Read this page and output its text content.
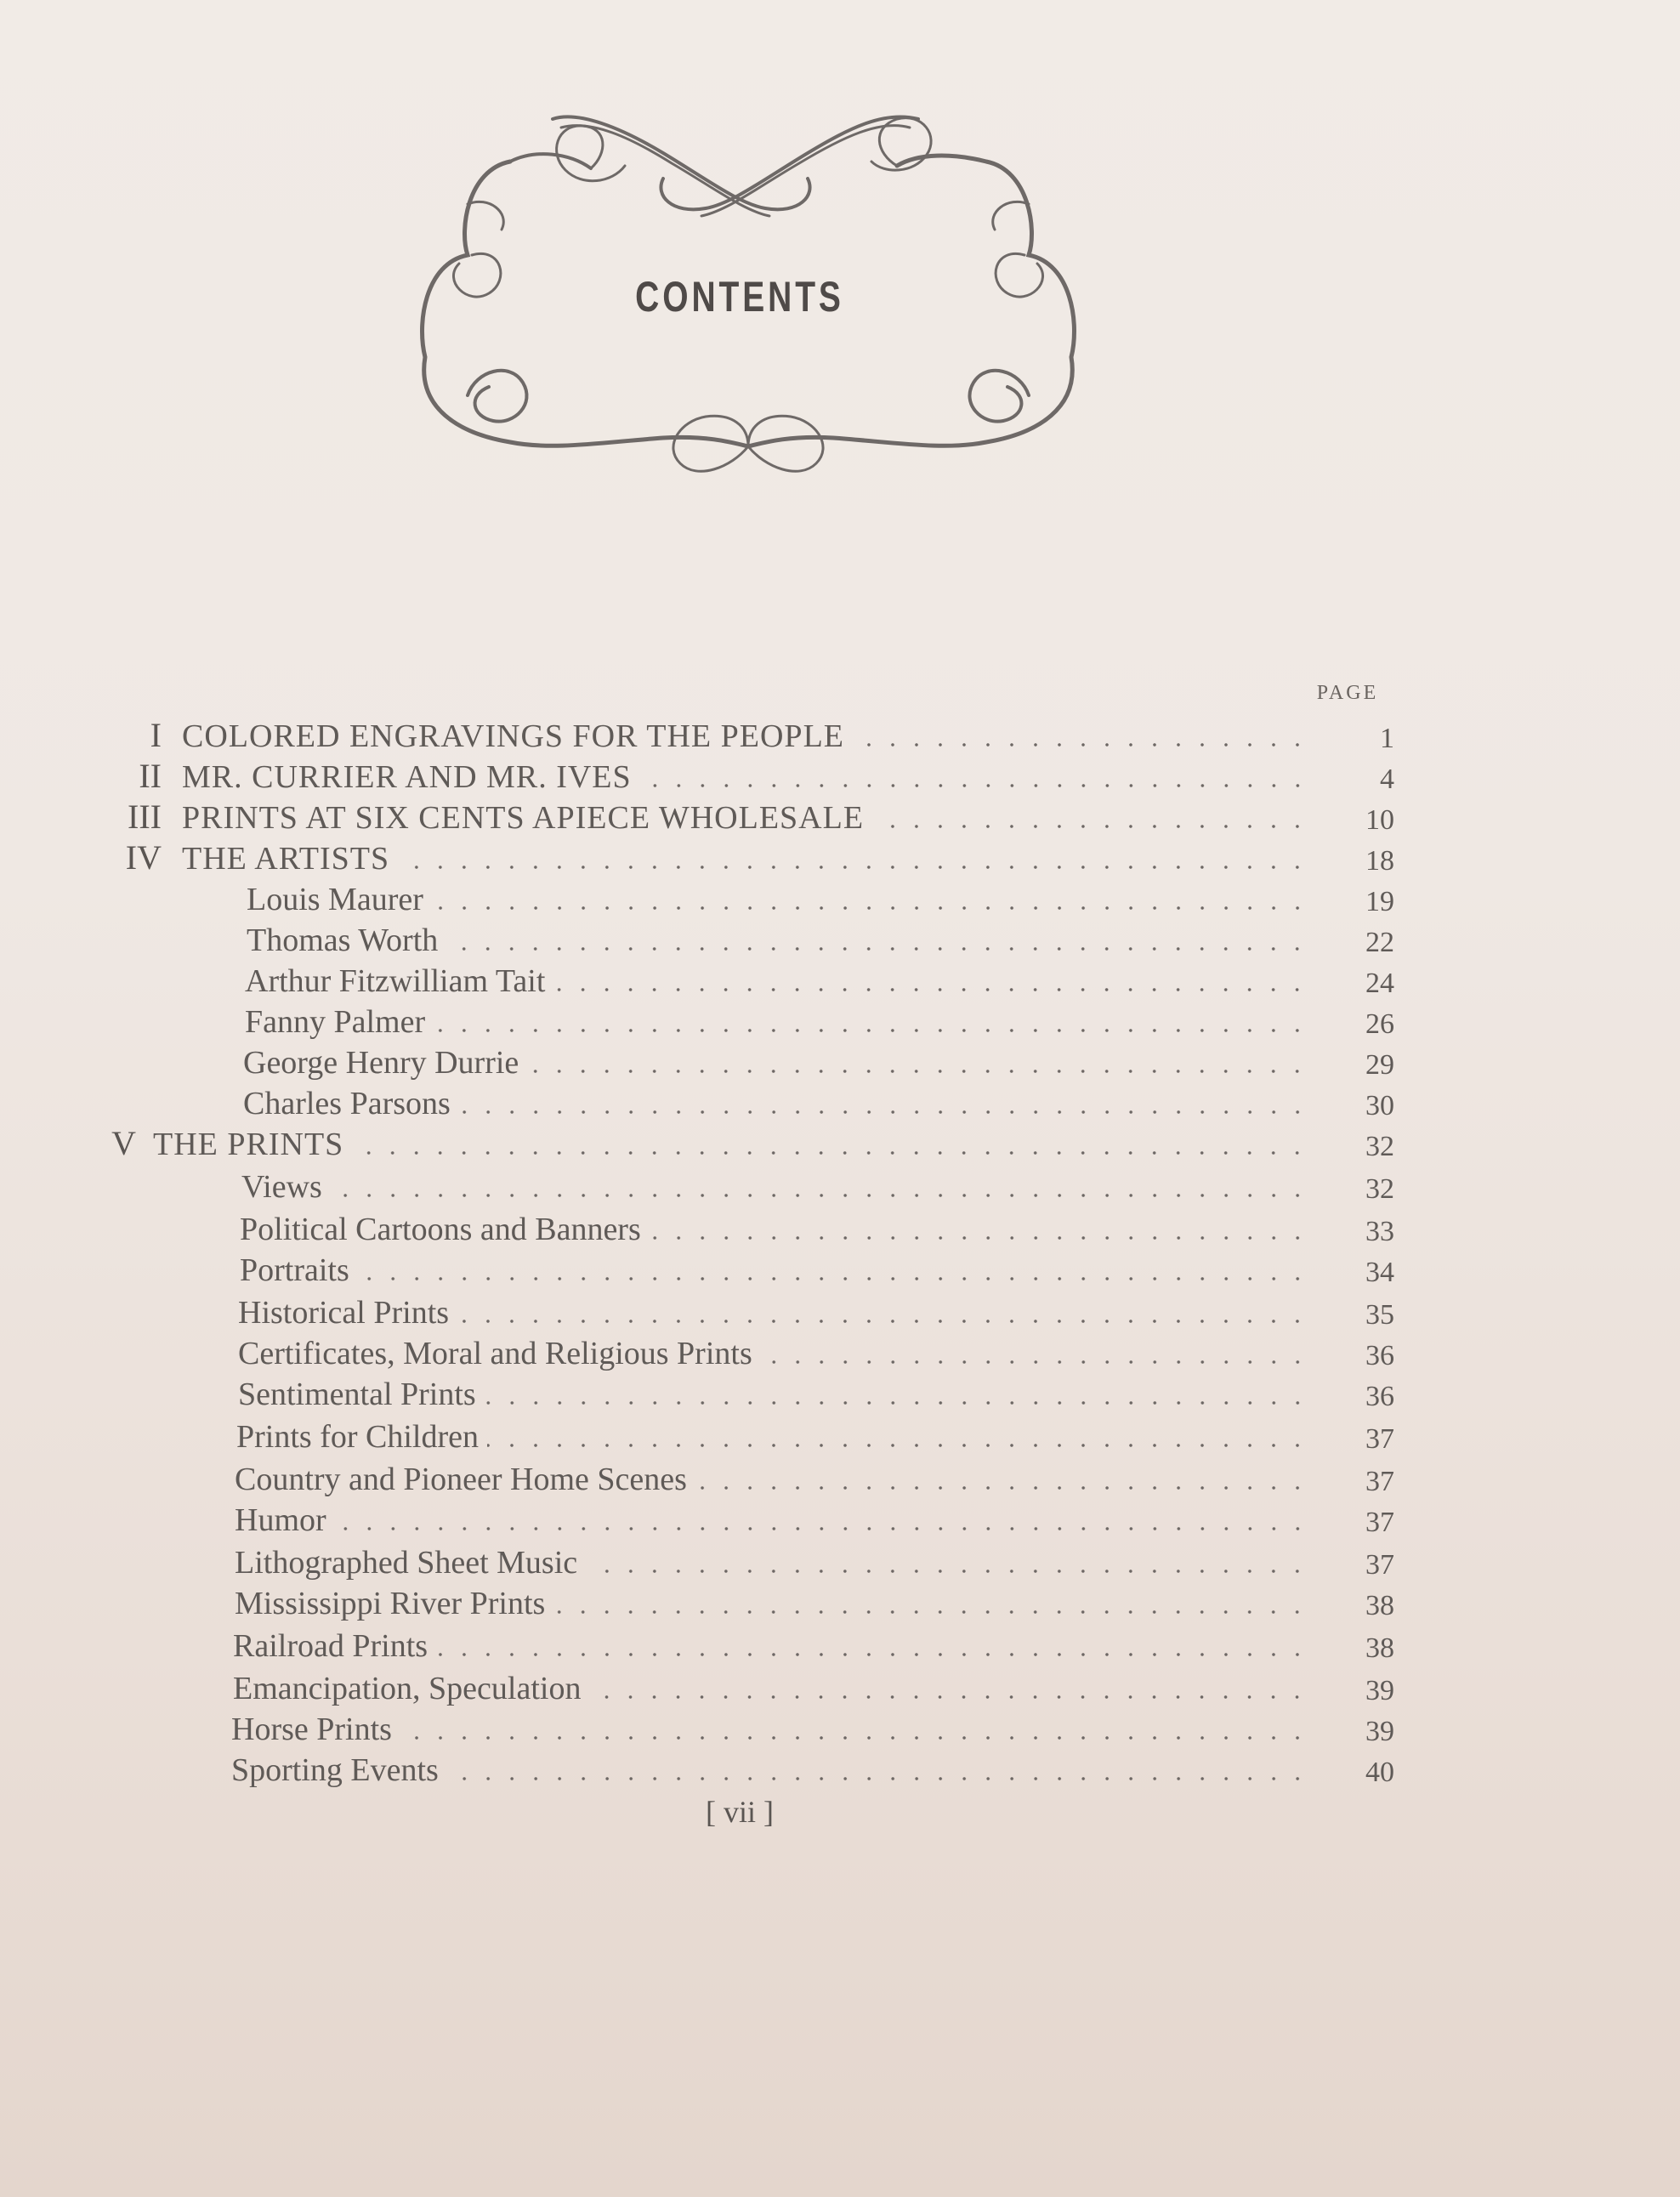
CONTENTS
PAGE
I COLORED ENGRAVINGS FOR THE PEOPLE	1
II MR. CURRIER AND MR. IVES	4
III PRINTS AT SIX CENTS APIECE WHOLESALE	10
IV THE ARTISTS	18
Louis Maurer	19
Thomas Worth	22
Arthur Fitzwilliam Tait	24
Fanny Palmer	26
George Henry Durrie	29
Charles Parsons	30
V THE PRINTS	32
Views	32
Political Cartoons and Banners	33
Portraits	34
Historical Prints	35
Certificates, Moral and Religious Prints	36
Sentimental Prints	36
Prints for Children	37
Country and Pioneer Home Scenes	37
Humor	37
Lithographed Sheet Music	37
Mississippi River Prints	38
Railroad Prints	38
Emancipation, Speculation	39
Horse Prints	39
Sporting Events	40
[ vii ]
